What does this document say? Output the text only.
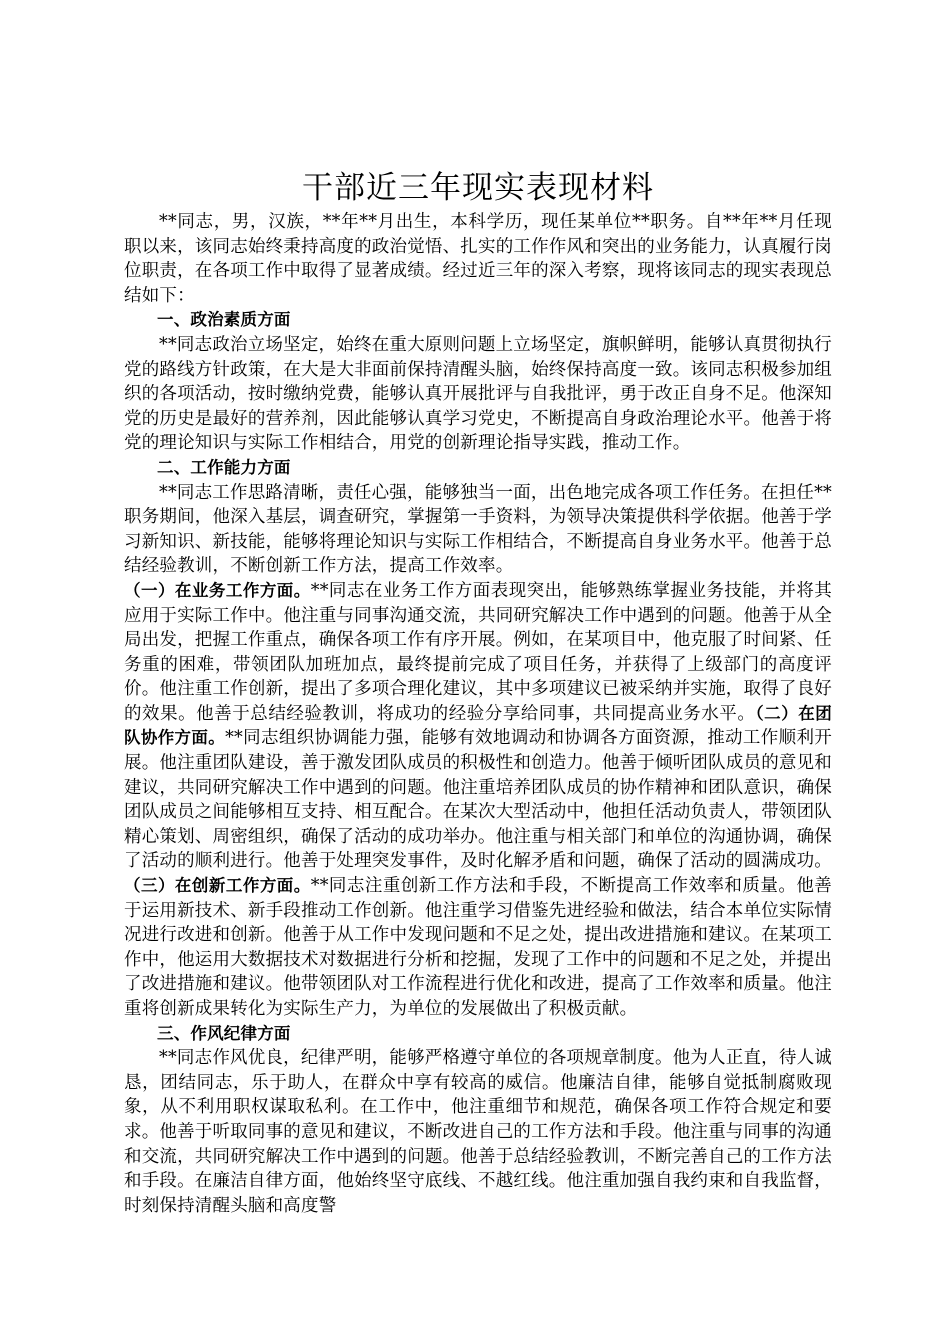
干部近三年现实表现材料

**同志，男，汉族，**年**月出生，本科学历，现任某单位**职务。自**年**月任现职以来，该同志始终秉持高度的政治觉悟、扎实的工作作风和突出的业务能力，认真履行岗位职责，在各项工作中取得了显著成绩。经过近三年的深入考察，现将该同志的现实表现总结如下：

一、政治素质方面

**同志政治立场坚定，始终在重大原则问题上立场坚定，旗帜鲜明，能够认真贯彻执行党的路线方针政策，在大是大非面前保持清醒头脑，始终保持高度一致。该同志积极参加组织的各项活动，按时缴纳党费，能够认真开展批评与自我批评，勇于改正自身不足。他深知党的历史是最好的营养剂，因此能够认真学习党史，不断提高自身政治理论水平。他善于将党的理论知识与实际工作相结合，用党的创新理论指导实践，推动工作。

二、工作能力方面

**同志工作思路清晰，责任心强，能够独当一面，出色地完成各项工作任务。在担任**职务期间，他深入基层，调查研究，掌握第一手资料，为领导决策提供科学依据。他善于学习新知识、新技能，能够将理论知识与实际工作相结合，不断提高自身业务水平。他善于总结经验教训，不断创新工作方法，提高工作效率。

（一）在业务工作方面。**同志在业务工作方面表现突出，能够熟练掌握业务技能，并将其应用于实际工作中。他注重与同事沟通交流，共同研究解决工作中遇到的问题。他善于从全局出发，把握工作重点，确保各项工作有序开展。例如，在某项目中，他克服了时间紧、任务重的困难，带领团队加班加点，最终提前完成了项目任务，并获得了上级部门的高度评价。他注重工作创新，提出了多项合理化建议，其中多项建议已被采纳并实施，取得了良好的效果。他善于总结经验教训，将成功的经验分享给同事，共同提高业务水平。（二）在团队协作方面。**同志组织协调能力强，能够有效地调动和协调各方面资源，推动工作顺利开展。他注重团队建设，善于激发团队成员的积极性和创造力。他善于倾听团队成员的意见和建议，共同研究解决工作中遇到的问题。他注重培养团队成员的协作精神和团队意识，确保团队成员之间能够相互支持、相互配合。在某次大型活动中，他担任活动负责人，带领团队精心策划、周密组织，确保了活动的成功举办。他注重与相关部门和单位的沟通协调，确保了活动的顺利进行。他善于处理突发事件，及时化解矛盾和问题，确保了活动的圆满成功。（三）在创新工作方面。**同志注重创新工作方法和手段，不断提高工作效率和质量。他善于运用新技术、新手段推动工作创新。他注重学习借鉴先进经验和做法，结合本单位实际情况进行改进和创新。他善于从工作中发现问题和不足之处，提出改进措施和建议。在某项工作中，他运用大数据技术对数据进行分析和挖掘，发现了工作中的问题和不足之处，并提出了改进措施和建议。他带领团队对工作流程进行优化和改进，提高了工作效率和质量。他注重将创新成果转化为实际生产力，为单位的发展做出了积极贡献。

三、作风纪律方面

**同志作风优良，纪律严明，能够严格遵守单位的各项规章制度。他为人正直，待人诚恳，团结同志，乐于助人，在群众中享有较高的威信。他廉洁自律，能够自觉抵制腐败现象，从不利用职权谋取私利。在工作中，他注重细节和规范，确保各项工作符合规定和要求。他善于听取同事的意见和建议，不断改进自己的工作方法和手段。他注重与同事的沟通和交流，共同研究解决工作中遇到的问题。他善于总结经验教训，不断完善自己的工作方法和手段。在廉洁自律方面，他始终坚守底线、不越红线。他注重加强自我约束和自我监督，时刻保持清醒头脑和高度警
